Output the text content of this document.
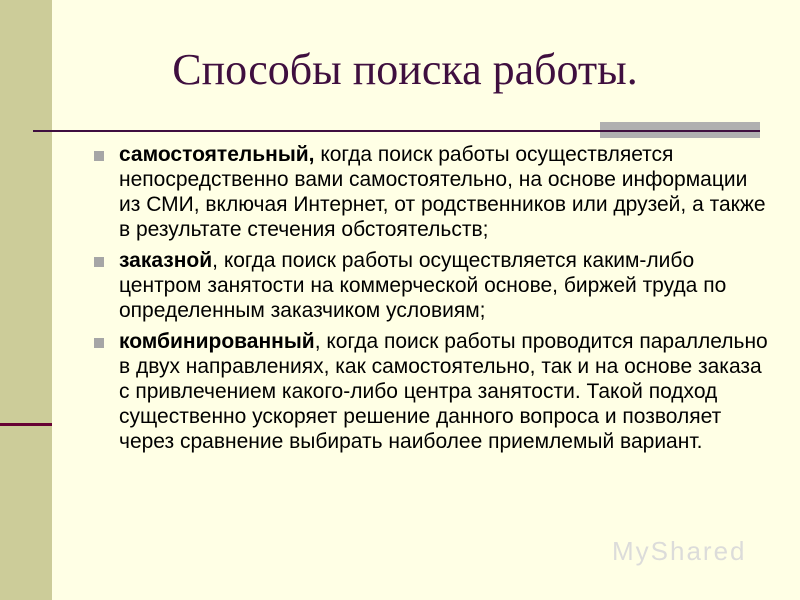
Способы поиска работы.
самостоятельный, когда поиск работы осуществляется непосредственно вами самостоятельно, на основе информации из СМИ, включая Интернет, от родственников или друзей, а также в результате стечения обстоятельств;
заказной, когда поиск работы осуществляется каким-либо центром занятости на коммерческой основе, биржей труда по определенным заказчиком условиям;
комбинированный, когда поиск работы проводится параллельно в двух направлениях, как самостоятельно, так и на основе заказа с привлечением какого-либо центра занятости. Такой подход существенно ускоряет решение данного вопроса и позволяет через сравнение выбирать наиболее приемлемый вариант.
MyShared
